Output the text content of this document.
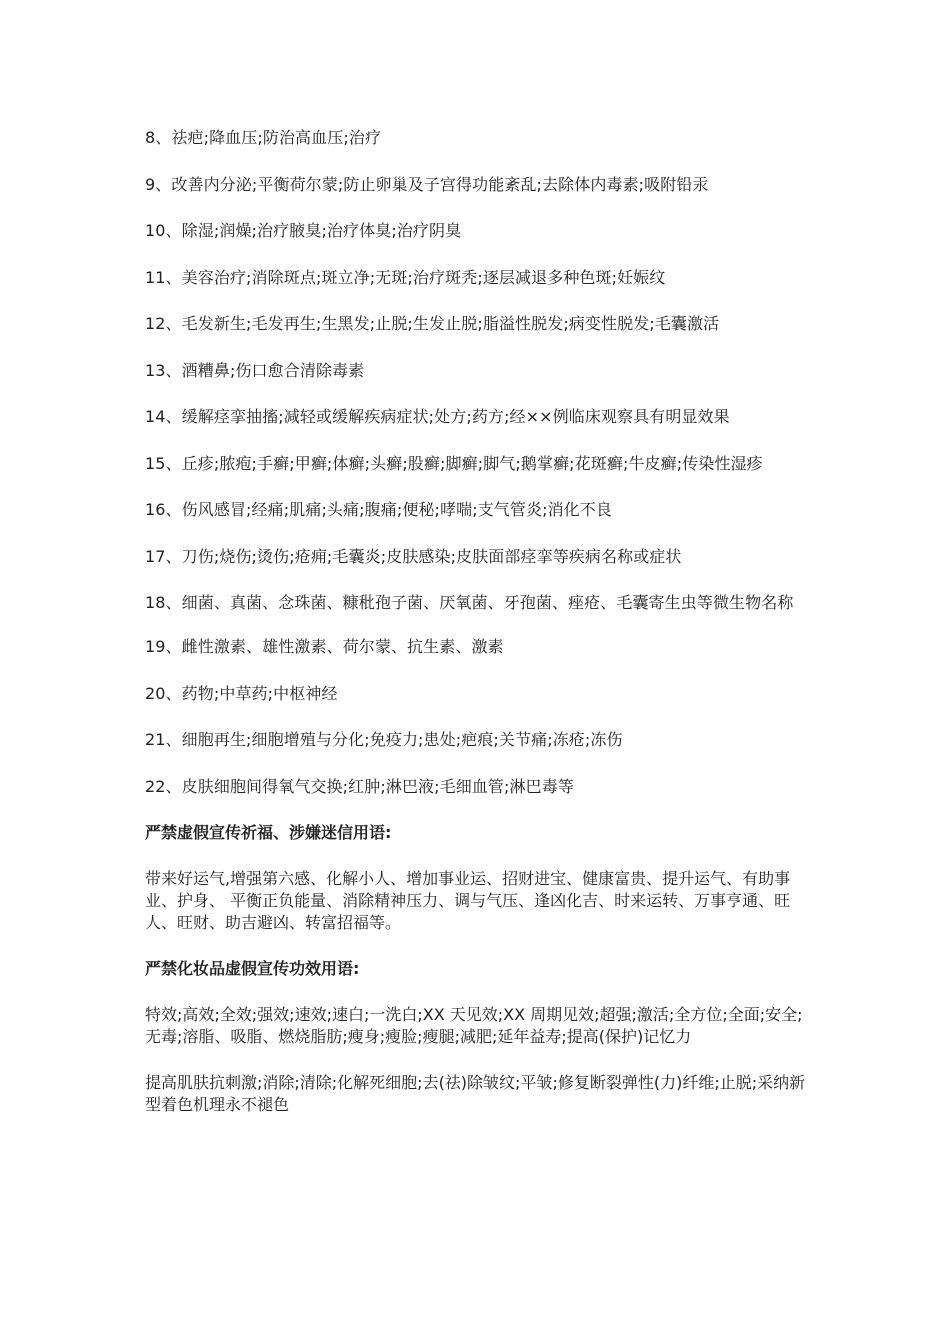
8、祛疤;降血压;防治高血压;治疗
9、改善内分泌;平衡荷尔蒙;防止卵巢及子宫得功能紊乱;去除体内毒素;吸附铅汞
10、除湿;润燥;治疗腋臭;治疗体臭;治疗阴臭
11、美容治疗;消除斑点;斑立净;无斑;治疗斑秃;逐层减退多种色斑;妊娠纹
12、毛发新生;毛发再生;生黑发;止脱;生发止脱;脂溢性脱发;病变性脱发;毛囊激活
13、酒糟鼻;伤口愈合清除毒素
14、缓解痉挛抽搐;减轻或缓解疾病症状;处方;药方;经××例临床观察具有明显效果
15、丘疹;脓疱;手癣;甲癣;体癣;头癣;股癣;脚癣;脚气;鹅掌癣;花斑癣;牛皮癣;传染性湿疹
16、伤风感冒;经痛;肌痛;头痛;腹痛;便秘;哮喘;支气管炎;消化不良
17、刀伤;烧伤;烫伤;疮痈;毛囊炎;皮肤感染;皮肤面部痉挛等疾病名称或症状
18、细菌、真菌、念珠菌、糠秕孢子菌、厌氧菌、牙孢菌、痤疮、毛囊寄生虫等微生物名称
19、雌性激素、雄性激素、荷尔蒙、抗生素、激素
20、药物;中草药;中枢神经
21、细胞再生;细胞增殖与分化;免疫力;患处;疤痕;关节痛;冻疮;冻伤
22、皮肤细胞间得氧气交换;红肿;淋巴液;毛细血管;淋巴毒等
严禁虚假宣传祈福、涉嫌迷信用语:
带来好运气,增强第六感、化解小人、增加事业运、招财进宝、健康富贵、提升运气、有助事业、护身、 平衡正负能量、消除精神压力、调与气压、逢凶化吉、时来运转、万事亨通、旺人、旺财、助吉避凶、转富招福等。
严禁化妆品虚假宣传功效用语:
特效;高效;全效;强效;速效;速白;一洗白;XX 天见效;XX 周期见效;超强;激活;全方位;全面;安全;无毒;溶脂、吸脂、燃烧脂肪;瘦身;瘦脸;瘦腿;减肥;延年益寿;提高(保护)记忆力
提高肌肤抗刺激;消除;清除;化解死细胞;去(祛)除皱纹;平皱;修复断裂弹性(力)纤维;止脱;采纳新型着色机理永不褪色
